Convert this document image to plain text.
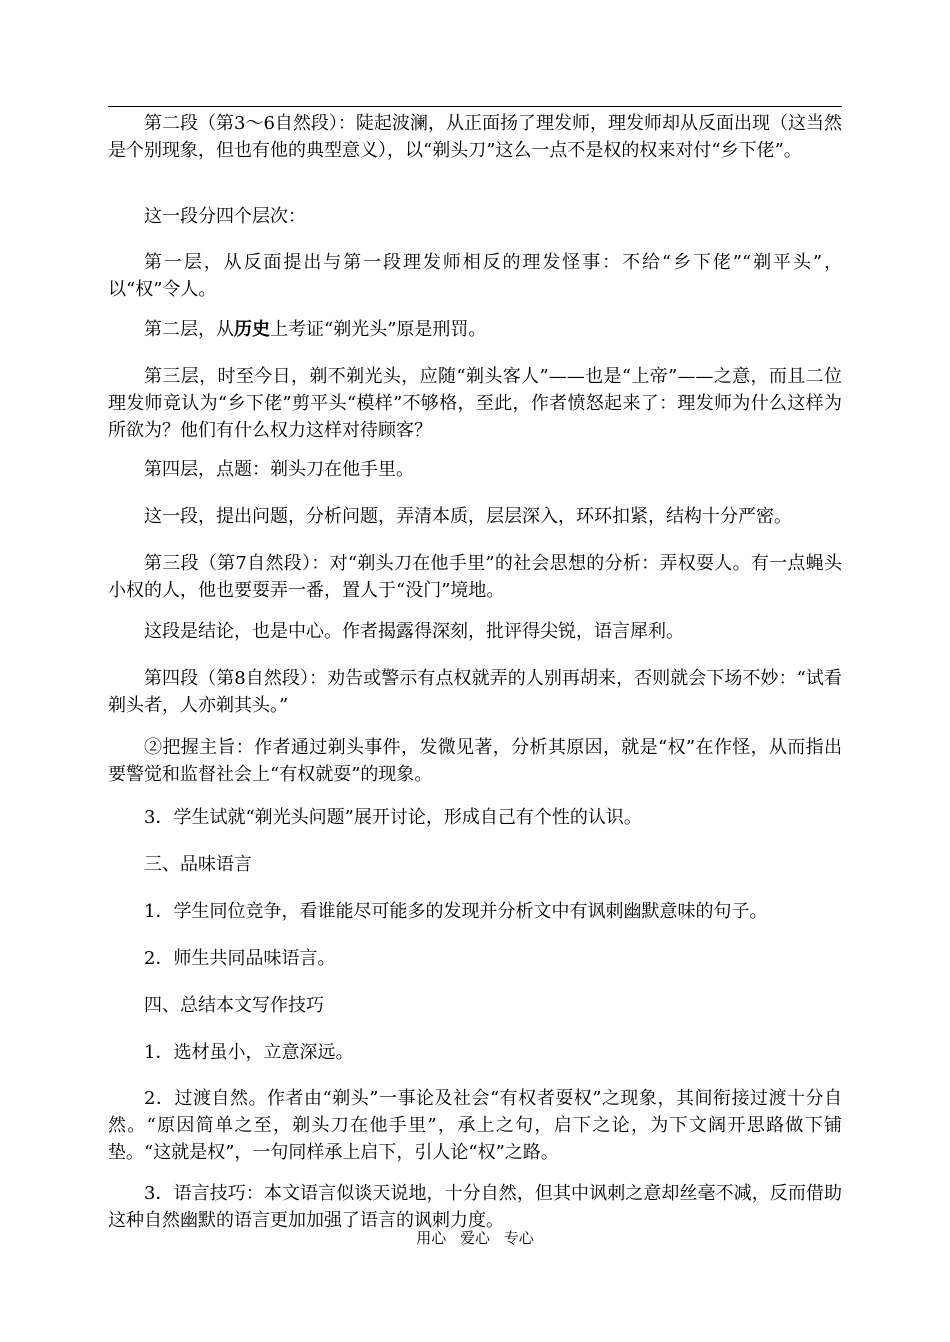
第二段（第3～6自然段）：陡起波澜，从正面扬了理发师，理发师却从反面出现（这当然是个别现象，但也有他的典型意义），以“剃头刀”这么一点不是权的权来对付“乡下佬”。

这一段分四个层次：

第一层，从反面提出与第一段理发师相反的理发怪事：不给“乡下佬”“剃平头”，以“权”令人。

第二层，从历史上考证“剃光头”原是刑罚。

第三层，时至今日，剃不剃光头，应随“剃头客人”——也是“上帝”——之意，而且二位理发师竟认为“乡下佬”剪平头“模样”不够格，至此，作者愤怒起来了：理发师为什么这样为所欲为？他们有什么权力这样对待顾客？

第四层，点题：剃头刀在他手里。

这一段，提出问题，分析问题，弄清本质，层层深入，环环扣紧，结构十分严密。

第三段（第7自然段）：对“剃头刀在他手里”的社会思想的分析：弄权耍人。有一点蝇头小权的人，他也要耍弄一番，置人于“没门”境地。

这段是结论，也是中心。作者揭露得深刻，批评得尖锐，语言犀利。

第四段（第8自然段）：劝告或警示有点权就弄的人别再胡来，否则就会下场不妙：“试看剃头者，人亦剃其头。”

②把握主旨：作者通过剃头事件，发微见著，分析其原因，就是“权”在作怪，从而指出要警觉和监督社会上“有权就耍”的现象。

3．学生试就“剃光头问题”展开讨论，形成自己有个性的认识。

三、品味语言

1．学生同位竞争，看谁能尽可能多的发现并分析文中有讽刺幽默意味的句子。

2．师生共同品味语言。

四、总结本文写作技巧

1．选材虽小，立意深远。

2．过渡自然。作者由“剃头”一事论及社会“有权者耍权”之现象，其间衔接过渡十分自然。“原因简单之至，剃头刀在他手里”，承上之句，启下之论，为下文阔开思路做下铺垫。“这就是权”，一句同样承上启下，引人论“权”之路。

3．语言技巧：本文语言似谈天说地，十分自然，但其中讽刺之意却丝毫不减，反而借助这种自然幽默的语言更加加强了语言的讽刺力度。

用心 爱心 专心
